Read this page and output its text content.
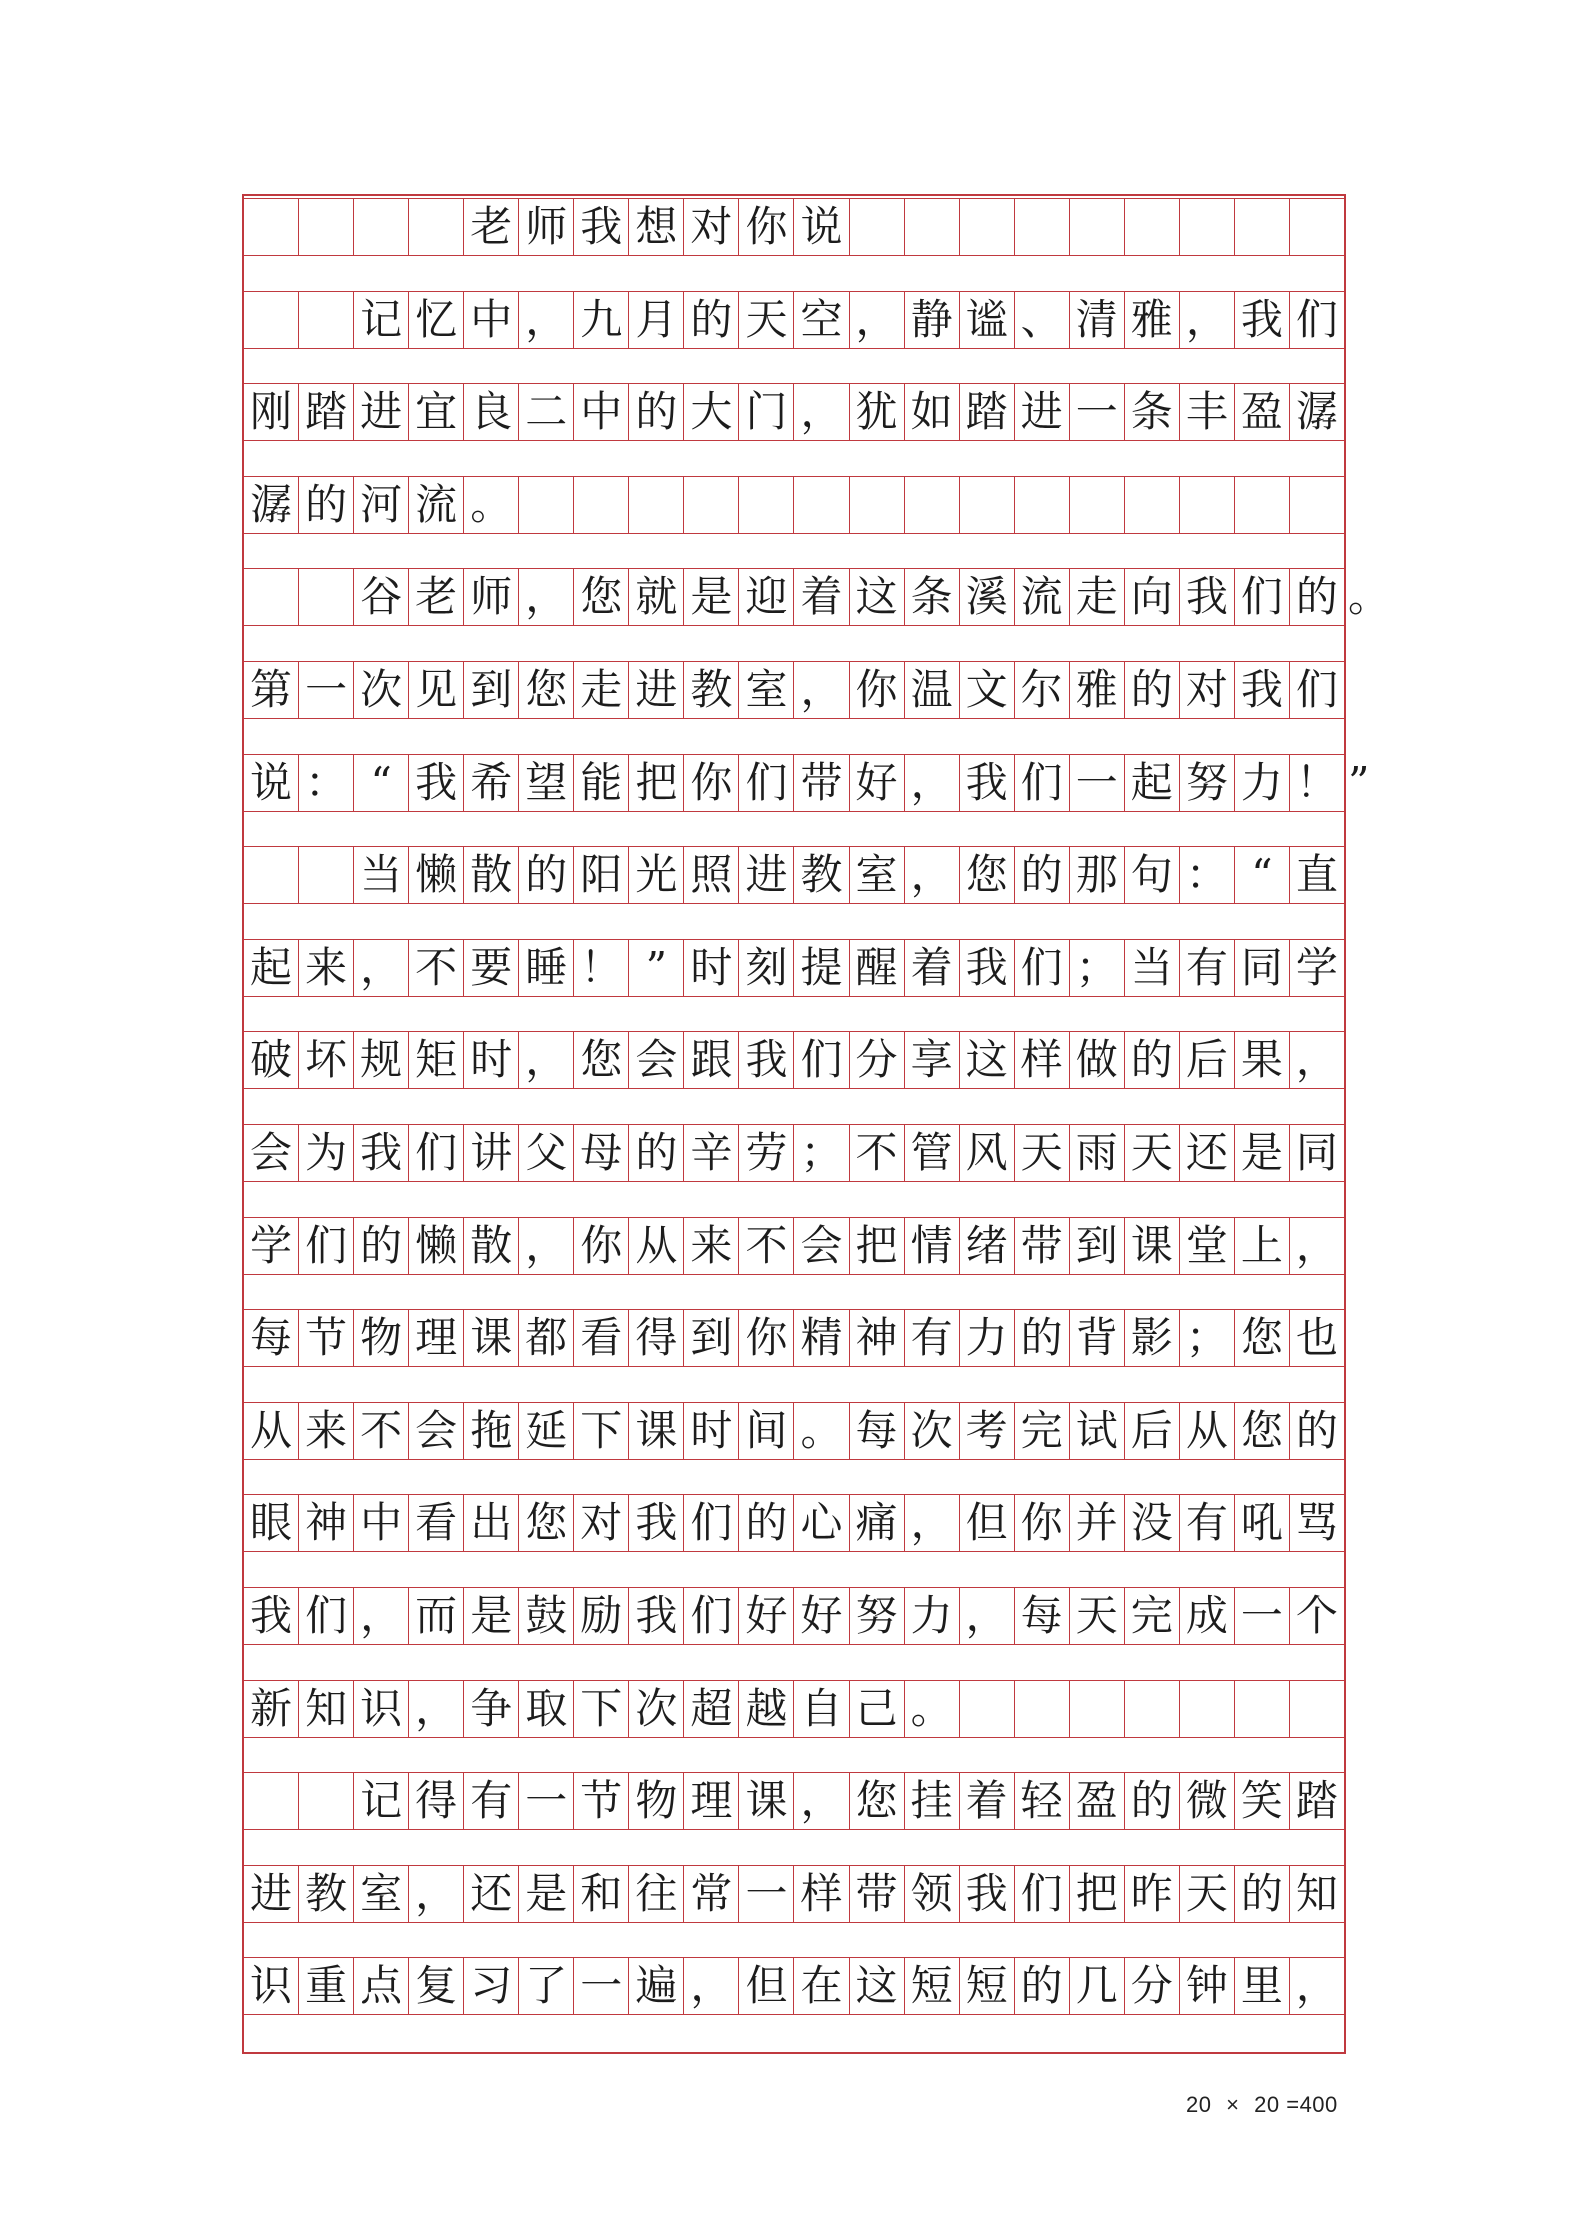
老 师 我 想 对 你 说
记 忆 中 ， 九 月 的 天 空 ， 静 谧 、 清 雅 ， 我 们
刚 踏 进 宜 良 二 中 的 大 门 ， 犹 如 踏 进 一 条 丰 盈 潺
潺 的 河 流 。
谷 老 师 ， 您 就 是 迎 着 这 条 溪 流 走 向 我 们 的
第 一 次 见 到 您 走 进 教 室 ， 你 温 文 尔 雅 的 对 我 们
说 ： “ 我 希 望 能 把 你 们 带 好 ， 我 们 一 起 努 力 ！
当 懒 散 的 阳 光 照 进 教 室 ， 您 的 那 句 ： “ 直
起 来 ， 不 要 睡 ！ ” 时 刻 提 醒 着 我 们 ； 当 有 同 学
破 坏 规 矩 时 ， 您 会 跟 我 们 分 享 这 样 做 的 后 果 ，
会 为 我 们 讲 父 母 的 辛 劳 ； 不 管 风 天 雨 天 还 是 同
学 们 的 懒 散 ， 你 从 来 不 会 把 情 绪 带 到 课 堂 上 ，
每 节 物 理 课 都 看 得 到 你 精 神 有 力 的 背 影 ； 您 也
从 来 不 会 拖 延 下 课 时 间 。 每 次 考 完 试 后 从 您 的
眼 神 中 看 出 您 对 我 们 的 心 痛 ， 但 你 并 没 有 吼 骂
我 们 ， 而 是 鼓 励 我 们 好 好 努 力 ， 每 天 完 成 一 个
新 知 识 ， 争 取 下 次 超 越 自 己 。
记 得 有 一 节 物 理 课 ， 您 挂 着 轻 盈 的 微 笑 踏
进 教 室 ， 还 是 和 往 常 一 样 带 领 我 们 把 昨 天 的 知
识 重 点 复 习 了 一 遍 ， 但 在 这 短 短 的 几 分 钟 里 ，
。
”
20 × 20 =400
